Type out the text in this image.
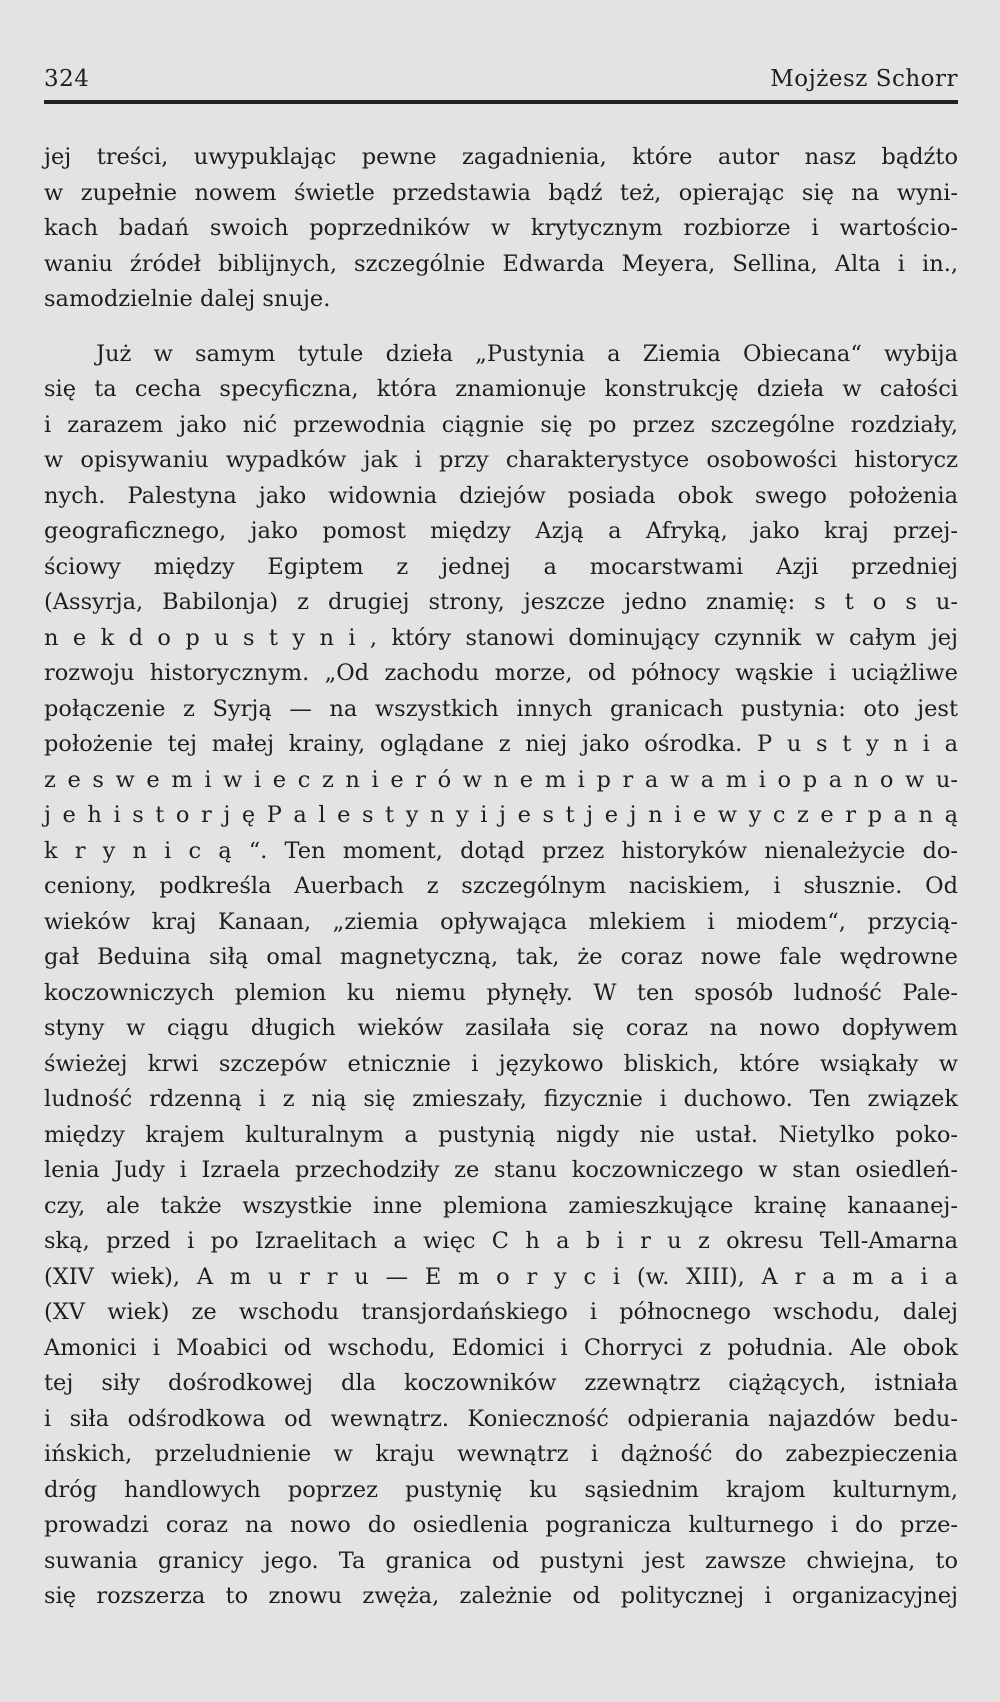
324	Mojżesz Schorr
jej treści, uwypuklając pewne zagadnienia, które autor nasz bądźto
w zupełnie nowem świetle przedstawia bądź też, opierając się na wyni-
kach badań swoich poprzedników w krytycznym rozbiorze i wartościo-
waniu źródeł biblijnych, szczególnie Edwarda Meyera, Sellina, Alta i in.,
samodzielnie dalej snuje.
Już w samym tytule dzieła „Pustynia a Ziemia Obiecana“ wybija
się ta cecha specyficzna, która znamionuje konstrukcję dzieła w całości
i zarazem jako nić przewodnia ciągnie się po przez szczególne rozdziały,
w opisywaniu wypadków jak i przy charakterystyce osobowości historycz
nych. Palestyna jako widownia dziejów posiada obok swego położenia
geograficznego, jako pomost między Azją a Afryką, jako kraj przej-
ściowy między Egiptem z jednej a mocarstwami Azji przedniej
(Assyrja, Babilonja) z drugiej strony, jeszcze jedno znamię: s t o s u-
n e k d o p u s t y n i , który stanowi dominujący czynnik w całym jej
rozwoju historycznym. „Od zachodu morze, od północy wąskie i uciążliwe
połączenie z Syrją — na wszystkich innych granicach pustynia: oto jest
położenie tej małej krainy, oglądane z niej jako ośrodka. P u s t y n i a
z e s w e m i w i e c z n i e r ó w n e m i p r a w a m i o p a n o w u-
j e h i s t o r j ę P a l e s t y n y i j e s t j e j n i e w y c z e r p a n ą
k r y n i c ą “. Ten moment, dotąd przez historyków nienależycie do-
ceniony, podkreśla Auerbach z szczególnym naciskiem, i słusznie. Od
wieków kraj Kanaan, „ziemia opływająca mlekiem i miodem“, przycią-
gał Beduina siłą omal magnetyczną, tak, że coraz nowe fale wędrowne
koczowniczych plemion ku niemu płynęły. W ten sposób ludność Pale-
styny w ciągu długich wieków zasilała się coraz na nowo dopływem
świeżej krwi szczepów etnicznie i językowo bliskich, które wsiąkały w
ludność rdzenną i z nią się zmieszały, fizycznie i duchowo. Ten związek
między krajem kulturalnym a pustynią nigdy nie ustał. Nietylko poko-
lenia Judy i Izraela przechodziły ze stanu koczowniczego w stan osiedleń-
czy, ale także wszystkie inne plemiona zamieszkujące krainę kanaanej-
ską, przed i po Izraelitach a więc C h a b i r u z okresu Tell-Amarna
(XIV wiek), A m u r r u — E m o r y c i (w. XIII), A r a m a i a
(XV wiek) ze wschodu transjordańskiego i północnego wschodu, dalej
Amonici i Moabici od wschodu, Edomici i Chorryci z południa. Ale obok
tej siły dośrodkowej dla koczowników zzewnątrz ciążących, istniała
i siła odśrodkowa od wewnątrz. Konieczność odpierania najazdów bedu-
ińskich, przeludnienie w kraju wewnątrz i dążność do zabezpieczenia
dróg handlowych poprzez pustynię ku sąsiednim krajom kulturnym,
prowadzi coraz na nowo do osiedlenia pogranicza kulturnego i do prze-
suwania granicy jego. Ta granica od pustyni jest zawsze chwiejna, to
się rozszerza to znowu zwęża, zależnie od politycznej i organizacyjnej
